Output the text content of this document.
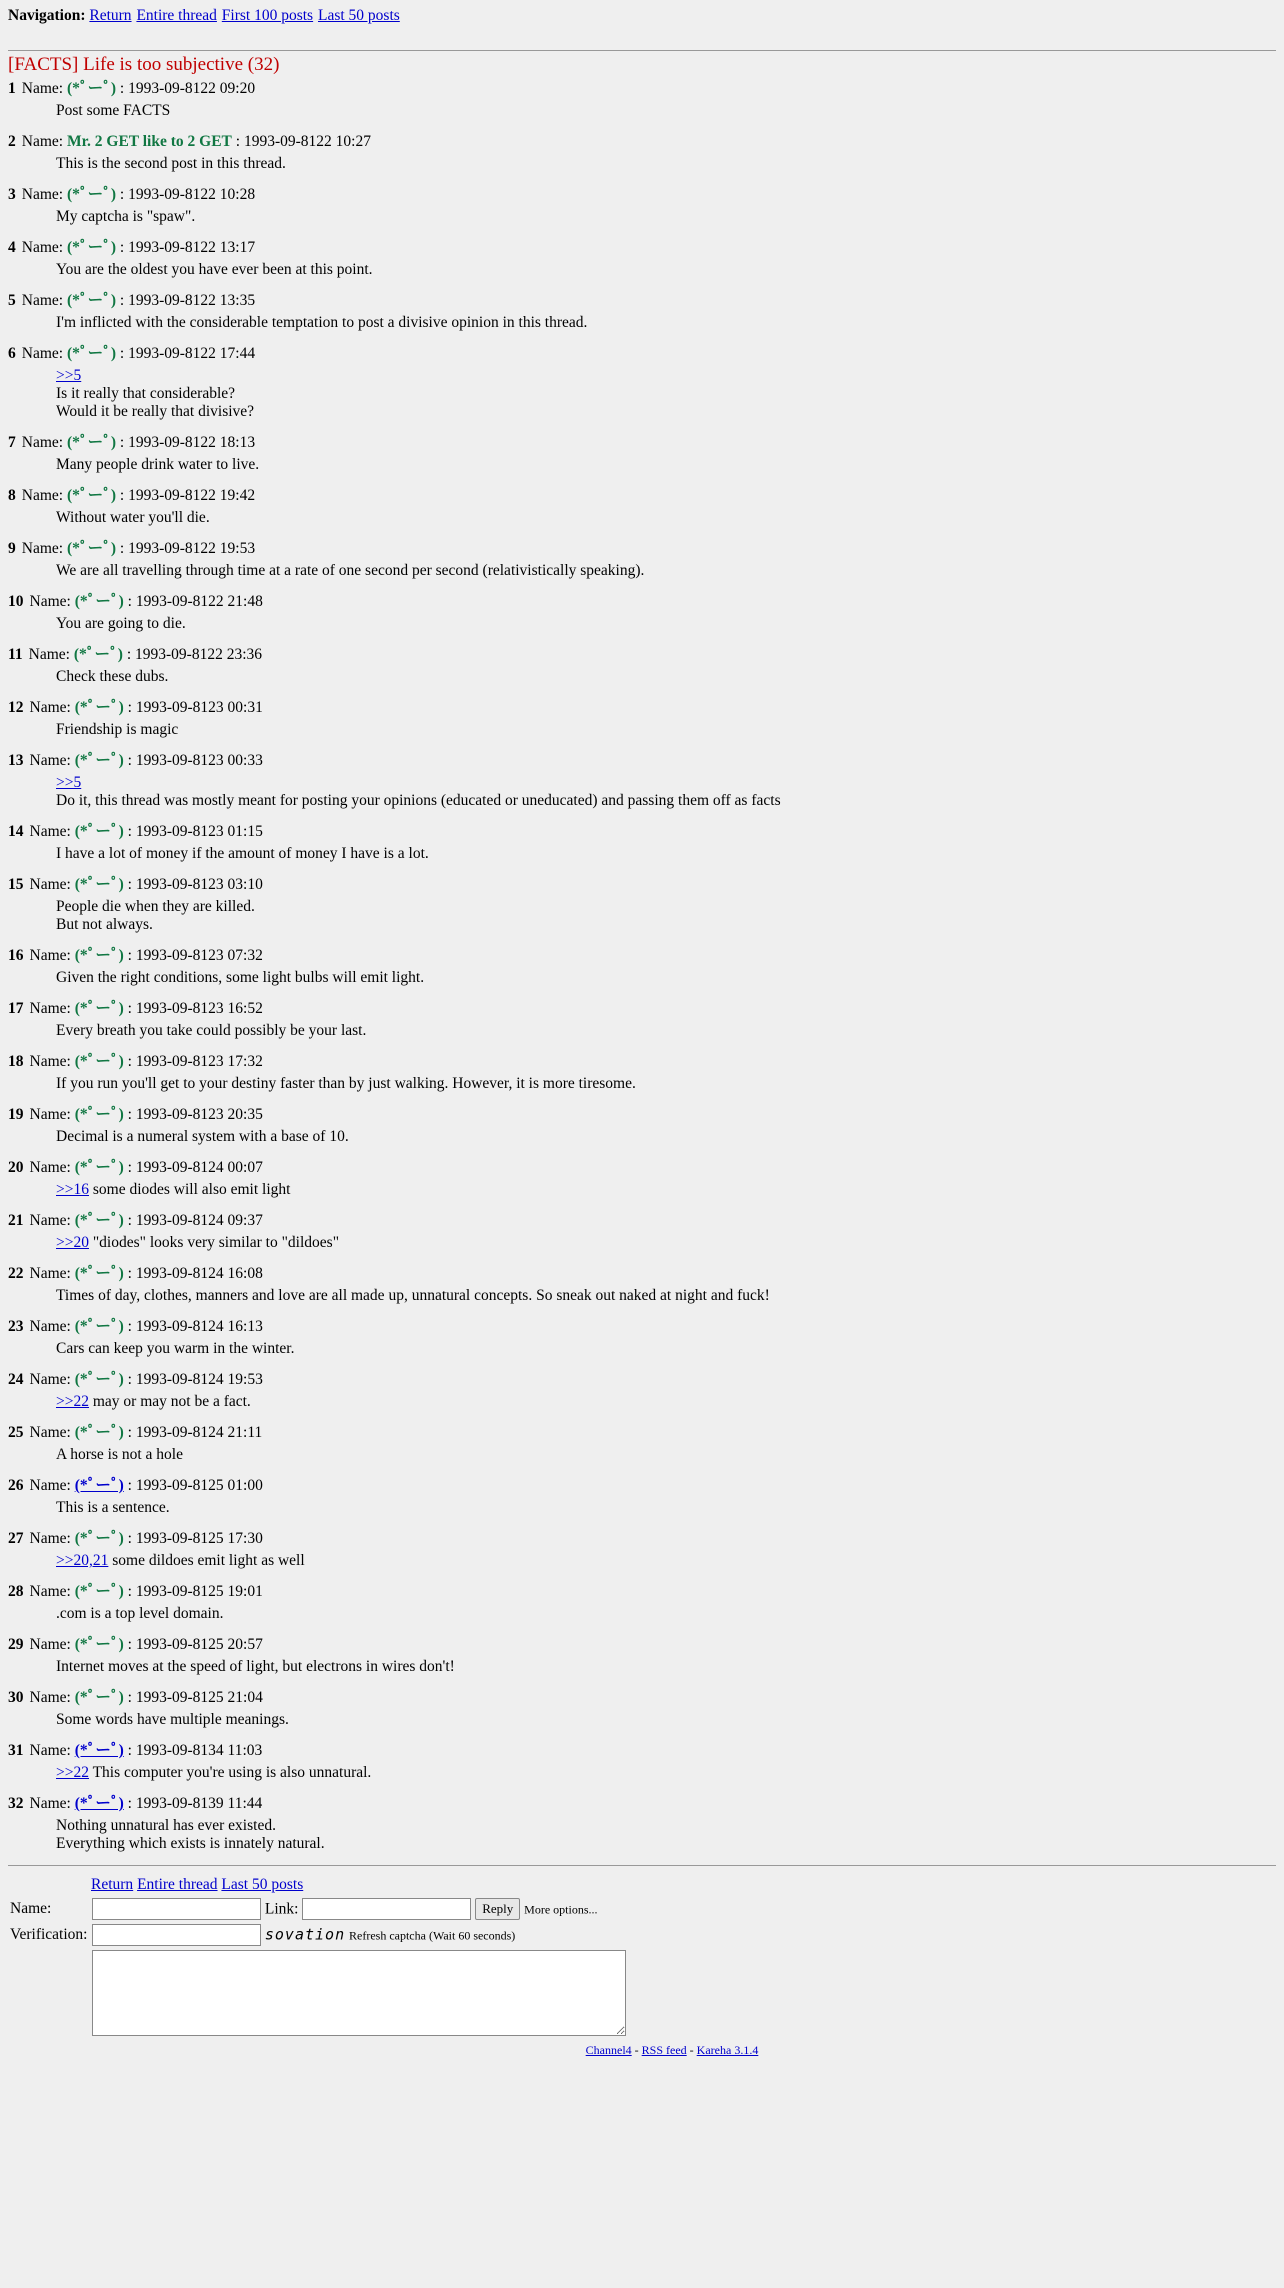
Navigation: Return Entire thread First 100 posts Last 50 posts
[FACTS] Life is too subjective (32)
1 Name: (*ﾟーﾟ) : 1993-09-8122 09:20
Post some FACTS
2 Name: Mr. 2 GET like to 2 GET : 1993-09-8122 10:27
This is the second post in this thread.
3 Name: (*ﾟーﾟ) : 1993-09-8122 10:28
My captcha is "spaw".
4 Name: (*ﾟーﾟ) : 1993-09-8122 13:17
You are the oldest you have ever been at this point.
5 Name: (*ﾟーﾟ) : 1993-09-8122 13:35
I'm inflicted with the considerable temptation to post a divisive opinion in this thread.
6 Name: (*ﾟーﾟ) : 1993-09-8122 17:44
>>5
Is it really that considerable?
Would it be really that divisive?
7 Name: (*ﾟーﾟ) : 1993-09-8122 18:13
Many people drink water to live.
8 Name: (*ﾟーﾟ) : 1993-09-8122 19:42
Without water you'll die.
9 Name: (*ﾟーﾟ) : 1993-09-8122 19:53
We are all travelling through time at a rate of one second per second (relativistically speaking).
10 Name: (*ﾟーﾟ) : 1993-09-8122 21:48
You are going to die.
11 Name: (*ﾟーﾟ) : 1993-09-8122 23:36
Check these dubs.
12 Name: (*ﾟーﾟ) : 1993-09-8123 00:31
Friendship is magic
13 Name: (*ﾟーﾟ) : 1993-09-8123 00:33
>>5
Do it, this thread was mostly meant for posting your opinions (educated or uneducated) and passing them off as facts
14 Name: (*ﾟーﾟ) : 1993-09-8123 01:15
I have a lot of money if the amount of money I have is a lot.
15 Name: (*ﾟーﾟ) : 1993-09-8123 03:10
People die when they are killed.
But not always.
16 Name: (*ﾟーﾟ) : 1993-09-8123 07:32
Given the right conditions, some light bulbs will emit light.
17 Name: (*ﾟーﾟ) : 1993-09-8123 16:52
Every breath you take could possibly be your last.
18 Name: (*ﾟーﾟ) : 1993-09-8123 17:32
If you run you'll get to your destiny faster than by just walking. However, it is more tiresome.
19 Name: (*ﾟーﾟ) : 1993-09-8123 20:35
Decimal is a numeral system with a base of 10.
20 Name: (*ﾟーﾟ) : 1993-09-8124 00:07
>>16 some diodes will also emit light
21 Name: (*ﾟーﾟ) : 1993-09-8124 09:37
>>20 "diodes" looks very similar to "dildoes"
22 Name: (*ﾟーﾟ) : 1993-09-8124 16:08
Times of day, clothes, manners and love are all made up, unnatural concepts. So sneak out naked at night and fuck!
23 Name: (*ﾟーﾟ) : 1993-09-8124 16:13
Cars can keep you warm in the winter.
24 Name: (*ﾟーﾟ) : 1993-09-8124 19:53
>>22 may or may not be a fact.
25 Name: (*ﾟーﾟ) : 1993-09-8124 21:11
A horse is not a hole
26 Name: (*ﾟーﾟ) : 1993-09-8125 01:00
This is a sentence.
27 Name: (*ﾟーﾟ) : 1993-09-8125 17:30
>>20,21 some dildoes emit light as well
28 Name: (*ﾟーﾟ) : 1993-09-8125 19:01
.com is a top level domain.
29 Name: (*ﾟーﾟ) : 1993-09-8125 20:57
Internet moves at the speed of light, but electrons in wires don't!
30 Name: (*ﾟーﾟ) : 1993-09-8125 21:04
Some words have multiple meanings.
31 Name: (*ﾟーﾟ) : 1993-09-8134 11:03
>>22 This computer you're using is also unnatural.
32 Name: (*ﾟーﾟ) : 1993-09-8139 11:44
Nothing unnatural has ever existed.
Everything which exists is innately natural.
Return Entire thread Last 50 posts
Name:	Link: Reply More options...
Verification:	sovation Refresh captcha (Wait 60 seconds)

Channel4 - RSS feed - Kareha 3.1.4
